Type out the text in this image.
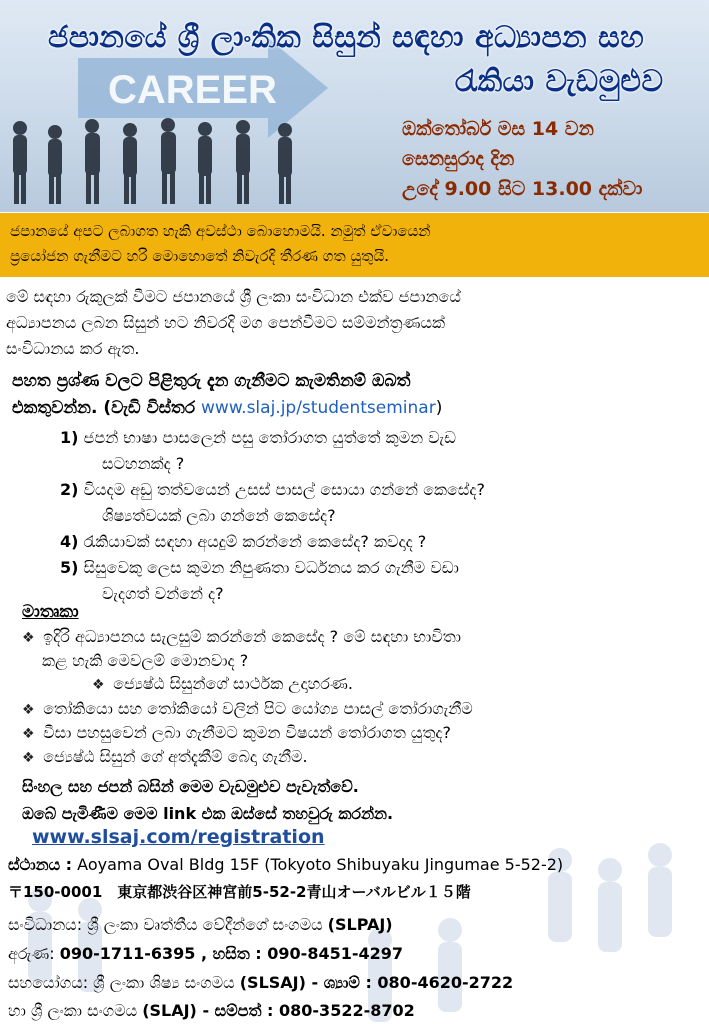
CAREER
ජපානයේ ශ්‍රී ලාංකික සිසුන් සඳහා අධ්‍යාපන සහ
රැකියා වැඩමුළුව
ඔක්තෝබර් මස 14 වන
සෙනසුරාද දින
උදේ 9.00 සිට 13.00 දක්වා
ජපානයේ අපට ලබාගත හැකි අවස්ථා බොහොමයි. නමුත් ඒවායෙන්
ප්‍රයෝජන ගැනීමට හරි මොහොතේ නිවැරදි තීරණ ගත යුතුයි.
මේ සඳහා රුකුලක් වීමට ජපානයේ ශ්‍රී ලංකා සංවිධාන එක්ව ජපානයේ
අධ්‍යාපනය ලබන සිසුන් හට නිවරදි මග පෙන්වීමට සම්මන්ත්‍රණයක්
සංවිධානය කර ඇත.
පහත ප්‍රශ්ණ වලට පිළිතුරු දැන ගැනීමට කැමතිනම් ඔබත්
එකතුවන්න. (වැඩි විස්තර www.slaj.jp/studentseminar)
1) ජපන් භාෂා පාසලෙන් පසු තෝරාගත යුත්තේ කුමන වැඩ
සටහනක්ද ?
2) වියදම අඩු තත්වයෙන් උසස් පාසල් සොයා ගන්නේ කෙසේද?
ශිෂ්‍යත්වයක් ලබා ගන්නේ කෙසේද?
4) රැකියාවක් සඳහා අයදුම් කරන්නේ කෙසේද? කවදාද ?
5) සිසුවෙකු ලෙස කුමන නිපුණතා වර්ධනය කර ගැනීම වඩා
වැදගත් වන්නේ ද?
මාතෘකා
❖ ඉදිරි අධ්‍යාපනය සැලසුම් කරන්නේ කෙසේද ? මේ සඳහා භාවිතා
කළ හැකි මෙවලම් මොනවාද ?
❖ ජ්‍යෙෂ්ඨ සිසුන්ගේ සාර්ථක උදාහරණ.
❖ තෝකියො සහ තෝකියෝ වලින් පිට යෝග්‍ය පාසල් තෝරාගැනීම
❖ වීසා පහසුවෙන් ලබා ගැනීමට කුමන විෂයන් තෝරාගත යුතුද?
❖ ජ්‍යෙෂ්ඨ සිසුන් ගේ අත්දැකීම් බෙදා ගැනීම.
සිංහල සහ ජපන් බසින් මෙම වැඩමුළුව පැවැත්වේ.
ඔබේ පැමිණීම මෙම link එක ඔස්සේ තහවුරු කරන්න.
www.slsaj.com/registration
ස්ථානය : Aoyama Oval Bldg 15F (Tokyoto Shibuyaku Jingumae 5-52-2)
〒150-0001　東京都渋谷区神宮前5-52-2青山オーバルビル１５階
සංවිධානය: ශ්‍රී ලංකා වෘත්තීය වේදීන්ගේ සංගමය (SLPAJ)
අරුණ: 090-1711-6395 , හසිත : 090-8451-4297
සහයෝගය: ශ්‍රී ලංකා ශිෂ්‍ය සංගමය (SLSAJ) - ශ්‍යාම් : 080-4620-2722
හා ශ්‍රී ලංකා සංගමය (SLAJ) - සම්පත් : 080-3522-8702
